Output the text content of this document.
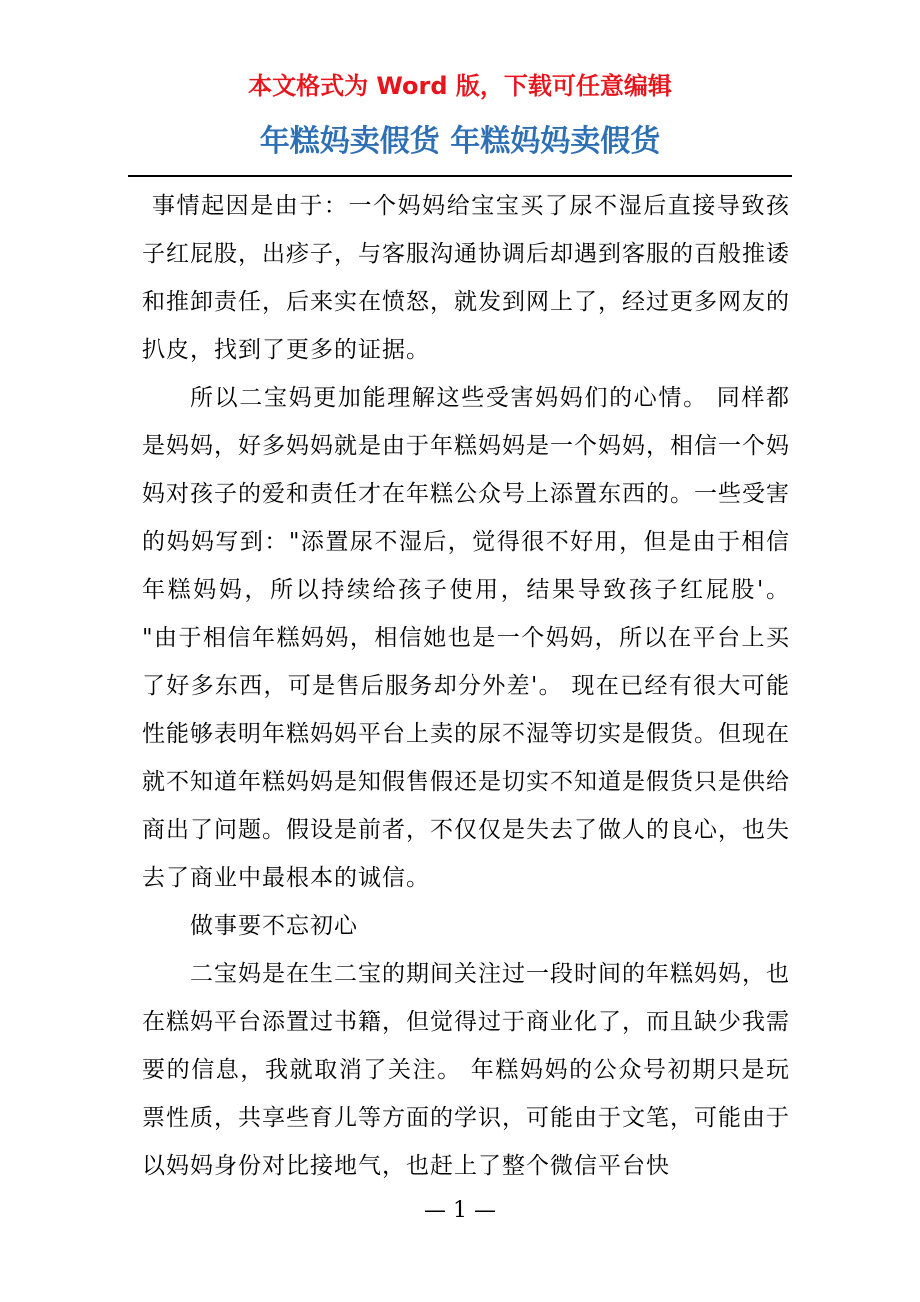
本文格式为 Word 版，下载可任意编辑
年糕妈卖假货 年糕妈妈卖假货

事情起因是由于：一个妈妈给宝宝买了尿不湿后直接导致孩子红屁股，出疹子，与客服沟通协调后却遇到客服的百般推诿和推卸责任，后来实在愤怒，就发到网上了，经过更多网友的扒皮，找到了更多的证据。

所以二宝妈更加能理解这些受害妈妈们的心情。 同样都是妈妈，好多妈妈就是由于年糕妈妈是一个妈妈，相信一个妈妈对孩子的爱和责任才在年糕公众号上添置东西的。一些受害的妈妈写到："添置尿不湿后，觉得很不好用，但是由于相信年糕妈妈，所以持续给孩子使用，结果导致孩子红屁股'。 "由于相信年糕妈妈，相信她也是一个妈妈，所以在平台上买了好多东西，可是售后服务却分外差'。 现在已经有很大可能性能够表明年糕妈妈平台上卖的尿不湿等切实是假货。但现在就不知道年糕妈妈是知假售假还是切实不知道是假货只是供给商出了问题。假设是前者，不仅仅是失去了做人的良心，也失去了商业中最根本的诚信。

做事要不忘初心

二宝妈是在生二宝的期间关注过一段时间的年糕妈妈，也在糕妈平台添置过书籍，但觉得过于商业化了，而且缺少我需要的信息，我就取消了关注。 年糕妈妈的公众号初期只是玩票性质，共享些育儿等方面的学识，可能由于文笔，可能由于以妈妈身份对比接地气，也赶上了整个微信平台快

— 1 —
